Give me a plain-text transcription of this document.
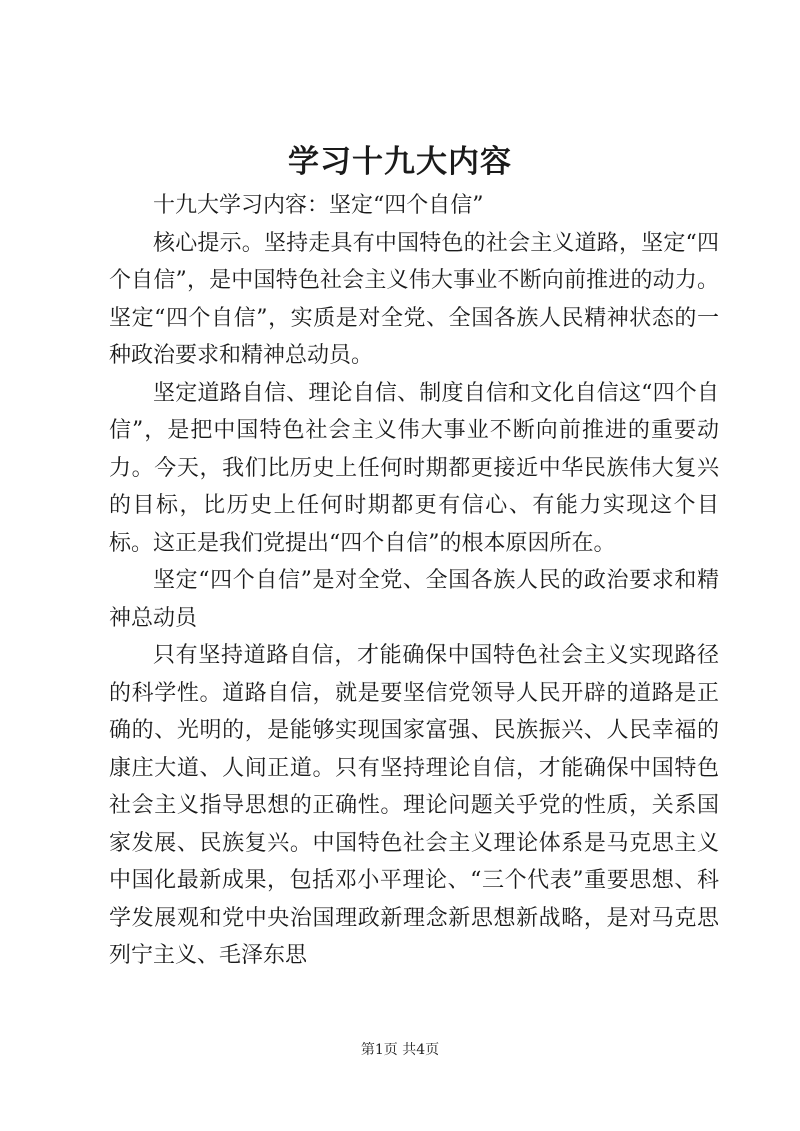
学习十九大内容

十九大学习内容：坚定“四个自信”

核心提示。坚持走具有中国特色的社会主义道路，坚定“四个自信”，是中国特色社会主义伟大事业不断向前推进的动力。坚定“四个自信”，实质是对全党、全国各族人民精神状态的一种政治要求和精神总动员。

坚定道路自信、理论自信、制度自信和文化自信这“四个自信”，是把中国特色社会主义伟大事业不断向前推进的重要动力。今天，我们比历史上任何时期都更接近中华民族伟大复兴的目标，比历史上任何时期都更有信心、有能力实现这个目标。这正是我们党提出“四个自信”的根本原因所在。

坚定“四个自信”是对全党、全国各族人民的政治要求和精神总动员

只有坚持道路自信，才能确保中国特色社会主义实现路径的科学性。道路自信，就是要坚信党领导人民开辟的道路是正确的、光明的，是能够实现国家富强、民族振兴、人民幸福的康庄大道、人间正道。只有坚持理论自信，才能确保中国特色社会主义指导思想的正确性。理论问题关乎党的性质，关系国家发展、民族复兴。中国特色社会主义理论体系是马克思主义中国化最新成果，包括邓小平理论、“三个代表”重要思想、科学发展观和党中央治国理政新理念新思想新战略，是对马克思列宁主义、毛泽东思

第1页 共4页
